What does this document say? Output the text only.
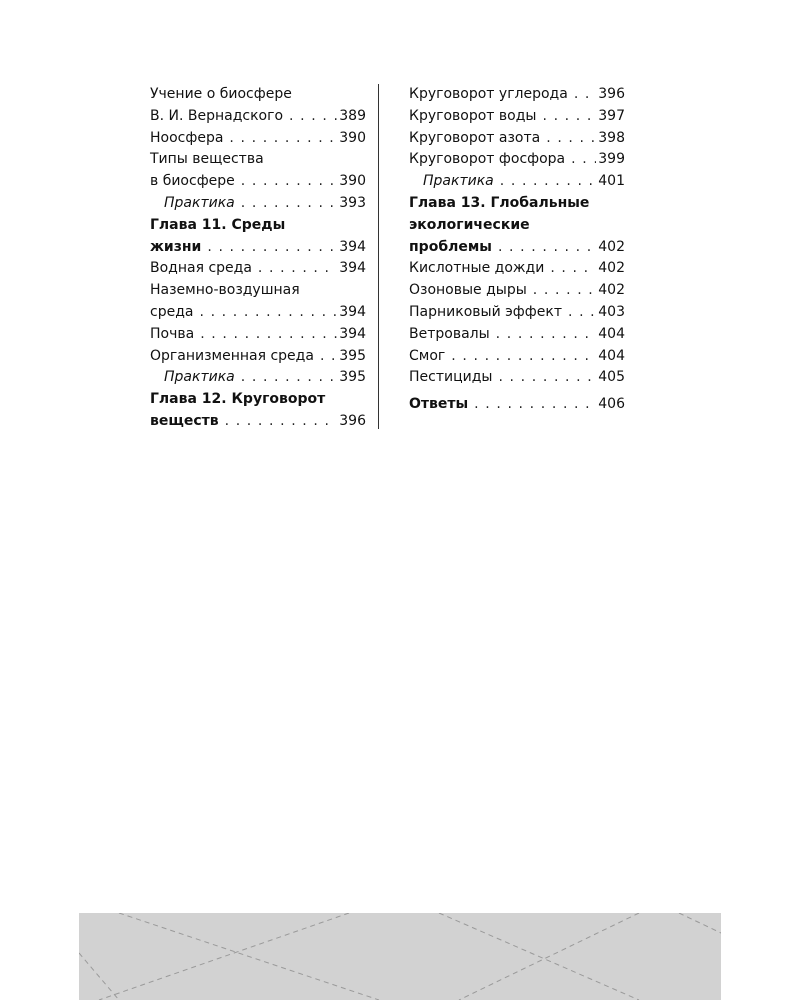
Учение о биосфере
В. И. Вернадского . . .	389
Ноосфера . . .	390
Типы вещества
в биосфере . . .	390
Практика . . .	393
Глава 11. Среды
жизни . . .	394
Водная среда . . .	394
Наземно-воздушная
среда . . .	394
Почва . . .	394
Организменная среда . . . 395
Практика . . .	395
Глава 12. Круговорот
веществ . . .	396
Круговорот углерода . . . 396
Круговорот воды . . .	397
Круговорот азота . . .	398
Круговорот фосфора . . . 399
Практика . . .	401
Глава 13. Глобальные
экологические
проблемы . . .	402
Кислотные дожди . . .	402
Озоновые дыры . . .	402
Парниковый эффект . . .	403
Ветровалы . . .	404
Смог . . .	404
Пестициды . . .	405
Ответы . . .	406
